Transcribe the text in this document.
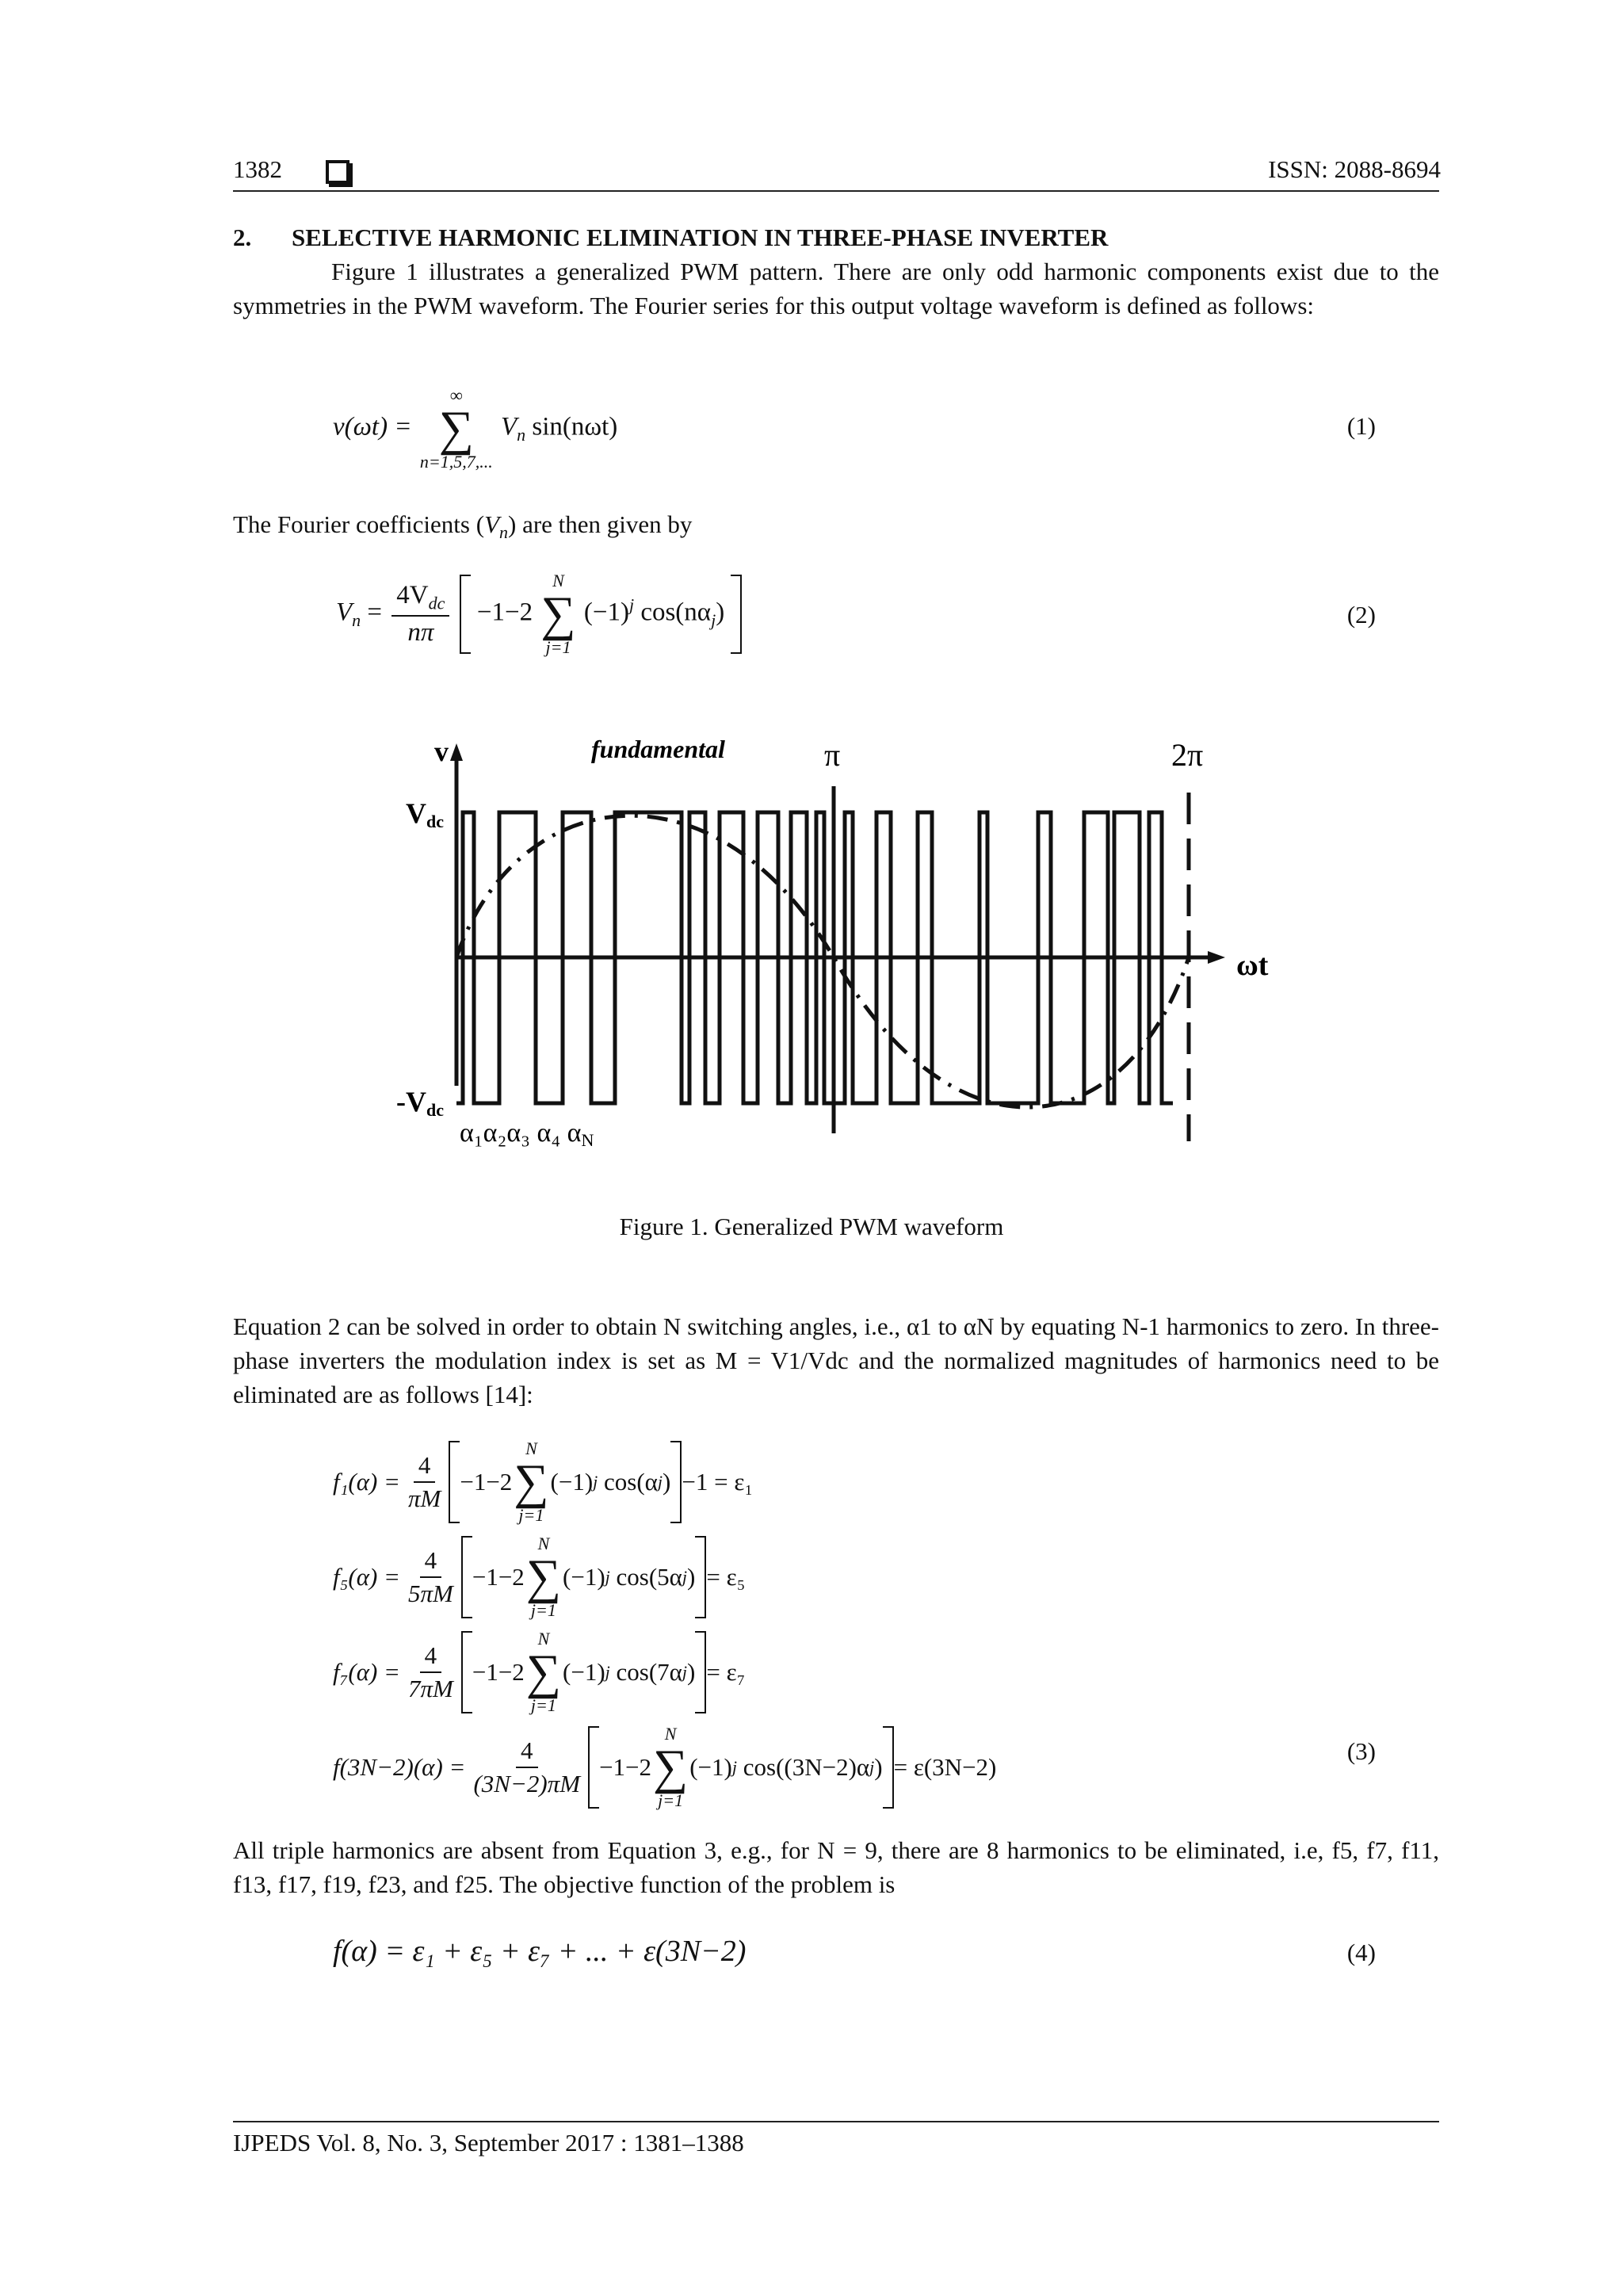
1382	ISSN: 2088-8694
2. SELECTIVE HARMONIC ELIMINATION IN THREE-PHASE INVERTER
Figure 1 illustrates a generalized PWM pattern. There are only odd harmonic components exist due to the symmetries in the PWM waveform. The Fourier series for this output voltage waveform is defined as follows:
v(ωt) =
∞
∑
n=1,5,7,...
$V_n$ sin(nωt)	(1)
The Fourier coefficients $(V_n)$ are then given by
$V_n = \frac{4V_{dc}}{n\pi} -1-2$
N
∑
j=1
$(-1)^j$ $\cos(n\alpha_j)$	(2)
v
Vdc
-Vdc
fundamental	π	2π
ωt
α₁α₂α₃ α₄ αN
Figure 1. Generalized PWM waveform
Equation 2 can be solved in order to obtain N switching angles, i.e., α1 to αN by equating N-1 harmonics to zero. In three-phase inverters the modulation index is set as M = V1/Vdc and the normalized magnitudes of harmonics need to be eliminated are as follows [14]:
$f_1(\alpha) = \frac{4}{\pi M} -1-2$
N
∑
j=1
(−1) j
cos(α j ) −1 = ε₁
$f_5(\alpha) = \frac{4}{5\pi M} -1-2$
N
∑
j=1
(−1) j
cos(5α j ) = ε₅
$f_7(\alpha) = \frac{4}{7\pi M} -1-2$
N
∑
j=1
(−1) j
cos(7α j ) = ε₇
$f(3N-2)(\alpha) = \frac{4}{(3N-2)\pi M} -1-2$
N
∑
j=1
(−1) j
cos((3N−2)α j ) = ε(3N−2)
(3)
All triple harmonics are absent from Equation 3, e.g., for N = 9, there are 8 harmonics to be eliminated, i.e, f5, f7, f11, f13, f17, f19, f23, and f25. The objective function of the problem is
f(α) = ε₁ + ε₅ + ε₇ + ... + ε(3N−2)	(4)
IJPEDS Vol. 8, No. 3, September 2017 : 1381–1388
